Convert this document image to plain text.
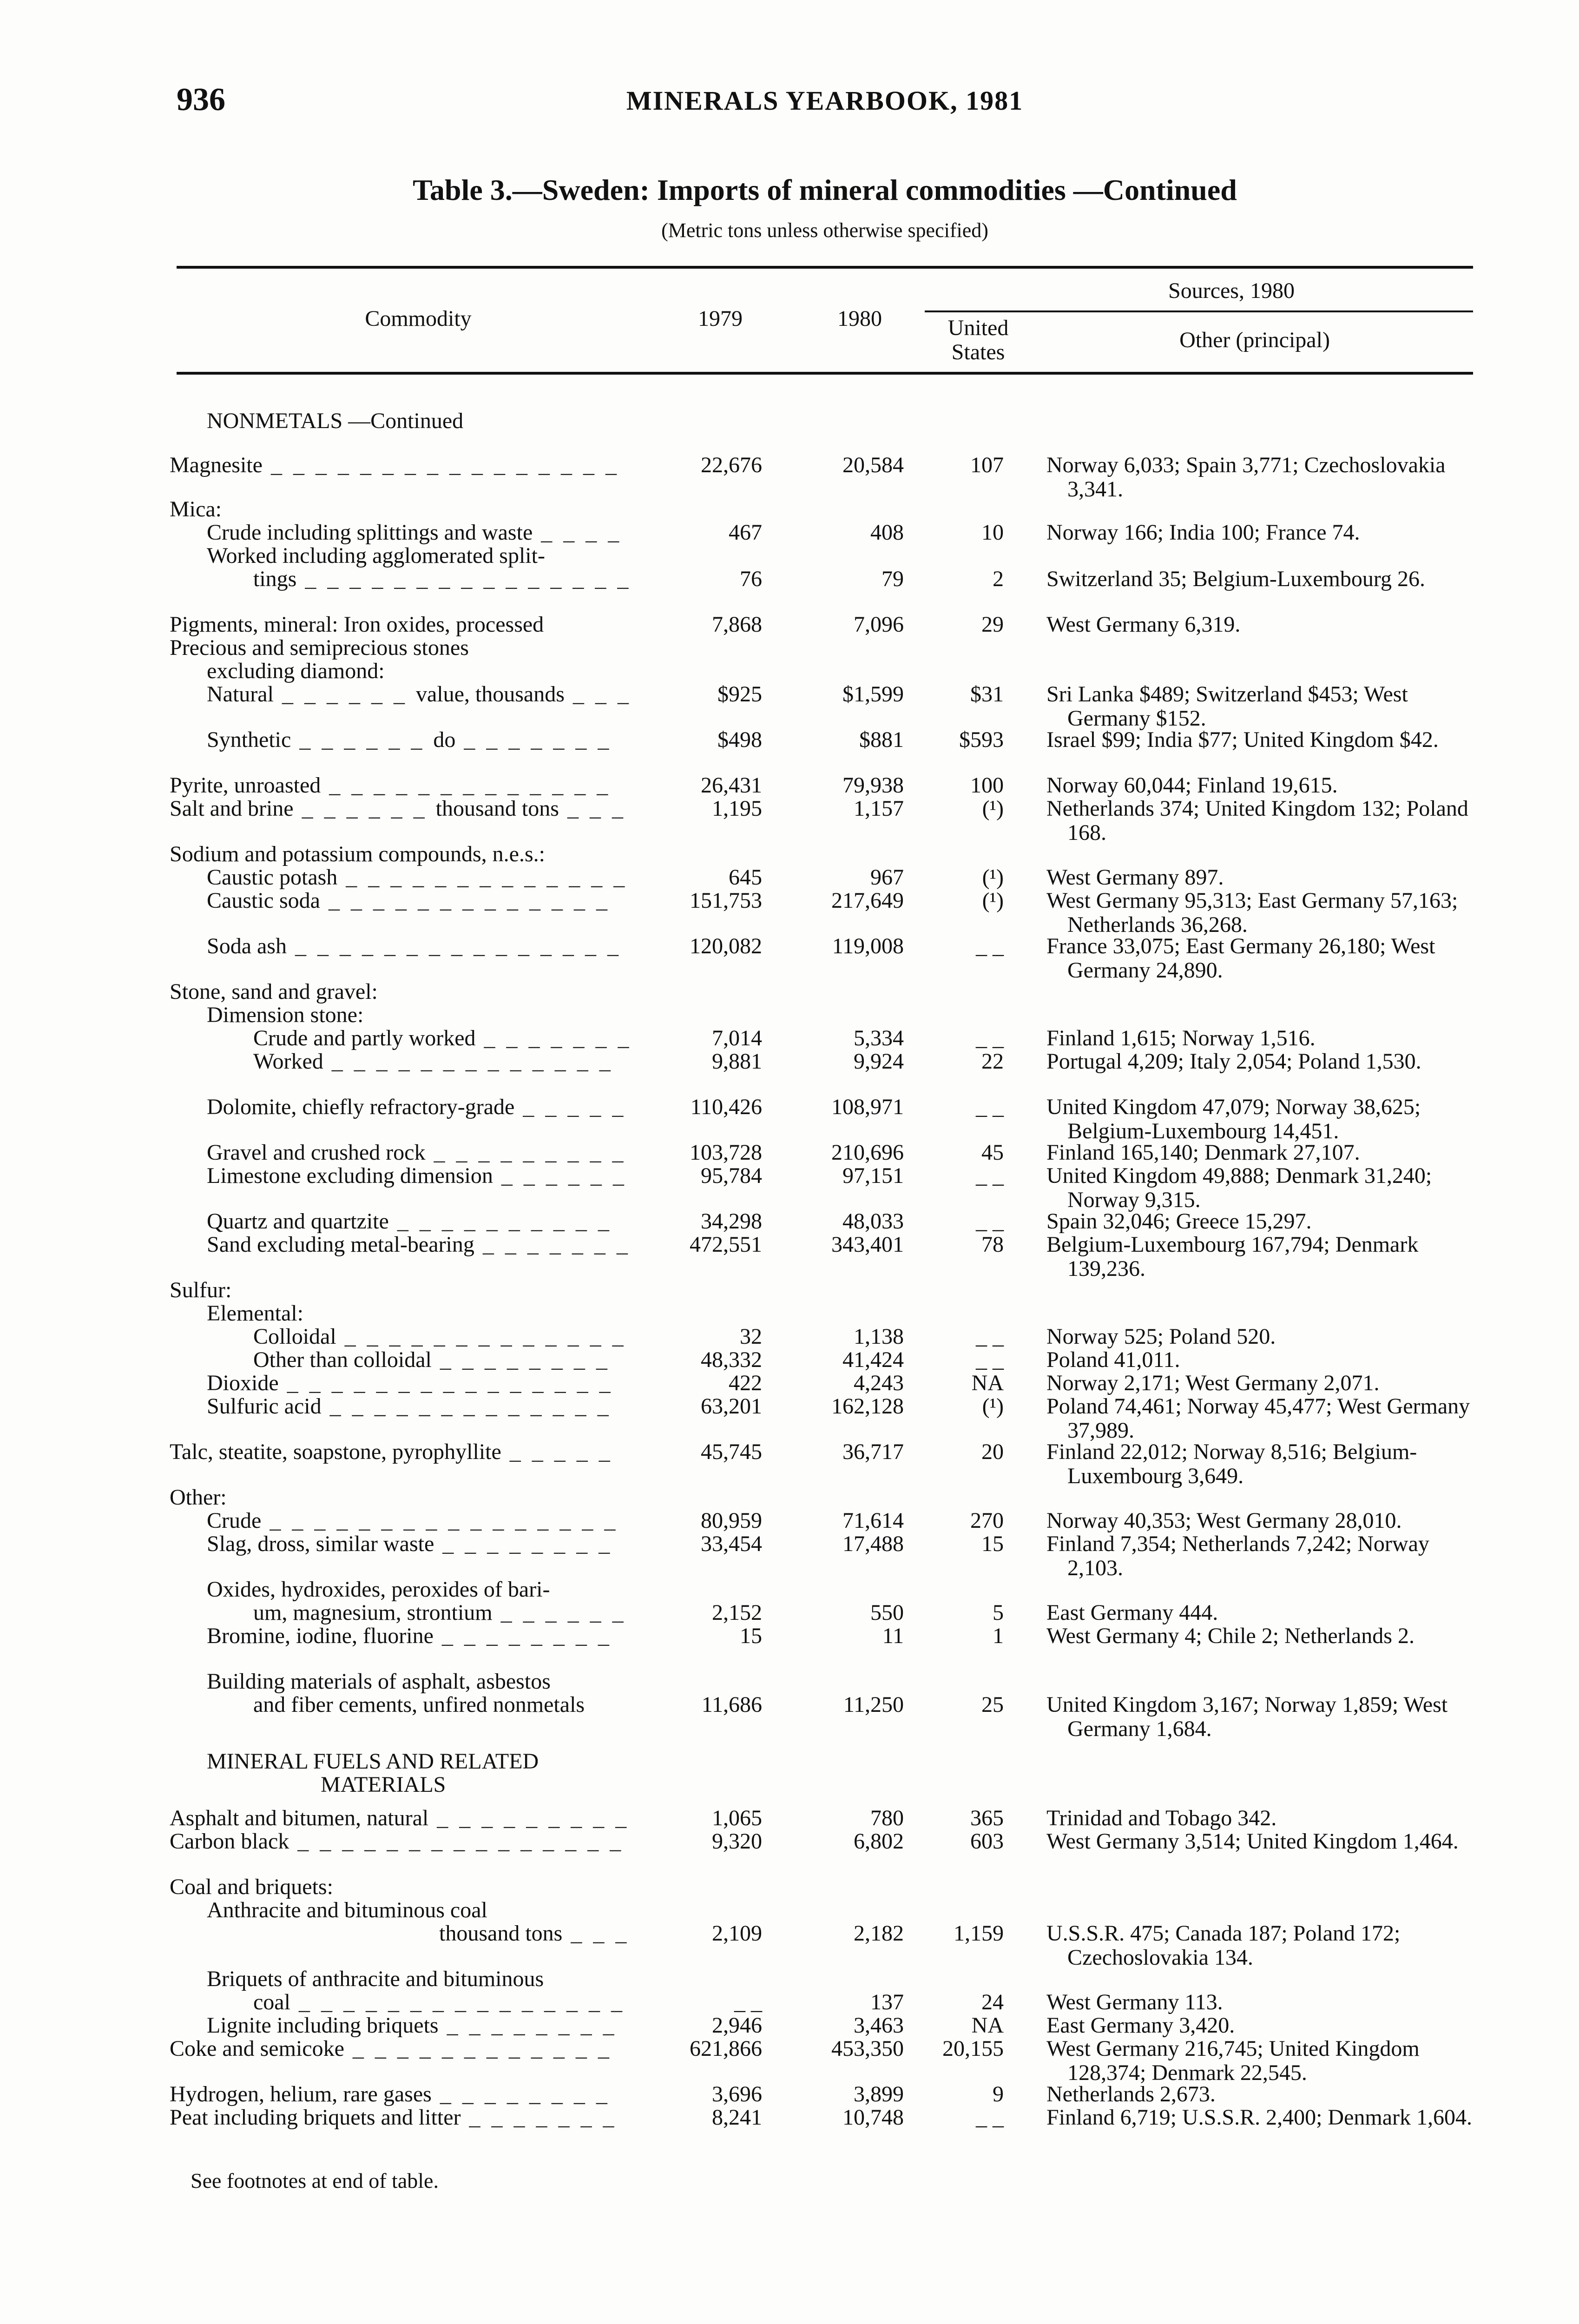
936	MINERALS YEARBOOK, 1981
Table 3.—Sweden: Imports of mineral commodities —Continued
(Metric tons unless otherwise specified)
Commodity	1979	1980
Sources, 1980
United
States	Other (principal)
NONMETALS —Continued
Magnesite _ _ _ _ _ _ _ _ _ _ _ _ _ _ _ _	22,676	20,584	107 Norway 6,033; Spain 3,771; Czechoslovakia 3,341.
Mica:
Crude including splittings and waste _ _ _ _	467	408	10 Norway 166; India 100; France 74.
Worked including agglomerated split-
tings _ _ _ _ _ _ _ _ _ _ _ _ _ _ _	76	79	2 Switzerland 35; Belgium-Luxembourg 26.
Pigments, mineral: Iron oxides, processed	7,868	7,096	29 West Germany 6,319.
Precious and semiprecious stones
excluding diamond:
Natural _ _ _ _ _ _ value, thousands _ _ _	$925	$1,599	$31 Sri Lanka $489; Switzerland $453; West Germany $152.
Synthetic _ _ _ _ _ _ do _ _ _ _ _ _ _	$498	$881	$593 Israel $99; India $77; United Kingdom $42.
Pyrite, unroasted _ _ _ _ _ _ _ _ _ _ _ _ _	26,431	79,938	100 Norway 60,044; Finland 19,615.
Salt and brine _ _ _ _ _ _ thousand tons _ _ _	1,195	1,157	(¹) Netherlands 374; United Kingdom 132; Poland 168.
Sodium and potassium compounds, n.e.s.:
Caustic potash _ _ _ _ _ _ _ _ _ _ _ _ _	645	967	(¹) West Germany 897.
Caustic soda _ _ _ _ _ _ _ _ _ _ _ _ _	151,753	217,649	(¹) West Germany 95,313; East Germany 57,163; Netherlands 36,268.
Soda ash _ _ _ _ _ _ _ _ _ _ _ _ _ _ _	120,082	119,008	_ _ France 33,075; East Germany 26,180; West Germany 24,890.
Stone, sand and gravel:
Dimension stone:
Crude and partly worked _ _ _ _ _ _ _	7,014	5,334	_ _ Finland 1,615; Norway 1,516.
Worked _ _ _ _ _ _ _ _ _ _ _ _ _	9,881	9,924	22 Portugal 4,209; Italy 2,054; Poland 1,530.
Dolomite, chiefly refractory-grade _ _ _ _ _	110,426	108,971	_ _ United Kingdom 47,079; Norway 38,625; Belgium-Luxembourg 14,451.
Gravel and crushed rock _ _ _ _ _ _ _ _ _	103,728	210,696	45 Finland 165,140; Denmark 27,107.
Limestone excluding dimension _ _ _ _ _ _	95,784	97,151	_ _ United Kingdom 49,888; Denmark 31,240; Norway 9,315.
Quartz and quartzite _ _ _ _ _ _ _ _ _ _	34,298	48,033	_ _ Spain 32,046; Greece 15,297.
Sand excluding metal-bearing _ _ _ _ _ _ _	472,551	343,401	78 Belgium-Luxembourg 167,794; Denmark 139,236.
Sulfur:
Elemental:
Colloidal _ _ _ _ _ _ _ _ _ _ _ _ _	32	1,138	_ _ Norway 525; Poland 520.
Other than colloidal _ _ _ _ _ _ _ _	48,332	41,424	_ _ Poland 41,011.
Dioxide _ _ _ _ _ _ _ _ _ _ _ _ _ _ _	422	4,243	NA Norway 2,171; West Germany 2,071.
Sulfuric acid _ _ _ _ _ _ _ _ _ _ _ _ _	63,201	162,128	(¹) Poland 74,461; Norway 45,477; West Germany 37,989.
Talc, steatite, soapstone, pyrophyllite _ _ _ _ _	45,745	36,717	20 Finland 22,012; Norway 8,516; Belgium-Luxembourg 3,649.
Other:
Crude _ _ _ _ _ _ _ _ _ _ _ _ _ _ _ _	80,959	71,614	270 Norway 40,353; West Germany 28,010.
Slag, dross, similar waste _ _ _ _ _ _ _ _	33,454	17,488	15 Finland 7,354; Netherlands 7,242; Norway 2,103.
Oxides, hydroxides, peroxides of bari-
um, magnesium, strontium _ _ _ _ _ _	2,152	550	5 East Germany 444.
Bromine, iodine, fluorine _ _ _ _ _ _ _ _	15	11	1 West Germany 4; Chile 2; Netherlands 2.
Building materials of asphalt, asbestos
and fiber cements, unfired nonmetals	11,686	11,250	25 United Kingdom 3,167; Norway 1,859; West Germany 1,684.
MINERAL FUELS AND RELATED
MATERIALS
Asphalt and bitumen, natural _ _ _ _ _ _ _ _ _	1,065	780	365 Trinidad and Tobago 342.
Carbon black _ _ _ _ _ _ _ _ _ _ _ _ _ _ _	9,320	6,802	603 West Germany 3,514; United Kingdom 1,464.
Coal and briquets:
Anthracite and bituminous coal
thousand tons _ _ _	2,109	2,182	1,159 U.S.S.R. 475; Canada 187; Poland 172; Czechoslovakia 134.
Briquets of anthracite and bituminous
coal _ _ _ _ _ _ _ _ _ _ _ _ _ _ _	_ _	137	24 West Germany 113.
Lignite including briquets _ _ _ _ _ _ _ _	2,946	3,463	NA East Germany 3,420.
Coke and semicoke _ _ _ _ _ _ _ _ _ _ _ _	621,866	453,350	20,155 West Germany 216,745; United Kingdom 128,374; Denmark 22,545.
Hydrogen, helium, rare gases _ _ _ _ _ _ _ _	3,696	3,899	9 Netherlands 2,673.
Peat including briquets and litter _ _ _ _ _ _ _	8,241	10,748	_ _ Finland 6,719; U.S.S.R. 2,400; Denmark 1,604.
See footnotes at end of table.
